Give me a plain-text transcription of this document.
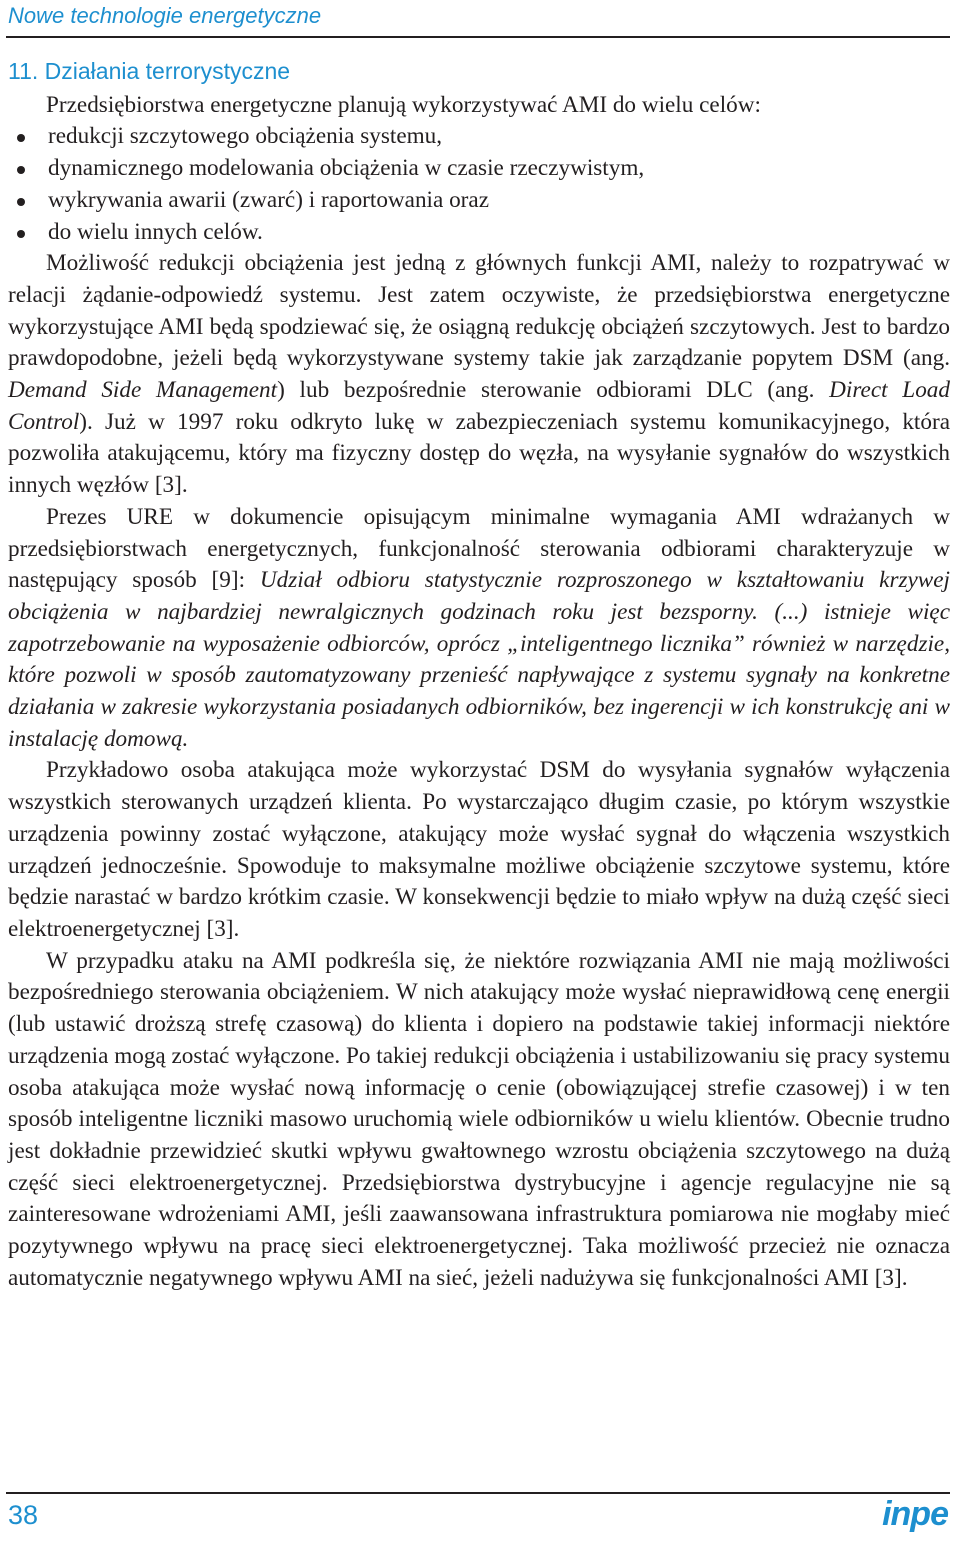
Nowe technologie energetyczne
11. Działania terrorystyczne

Przedsiębiorstwa energetyczne planują wykorzystywać AMI do wielu celów:

redukcji szczytowego obciążenia systemu,
dynamicznego modelowania obciążenia w czasie rzeczywistym,
wykrywania awarii (zwarć) i raportowania oraz
do wielu innych celów.

Możliwość redukcji obciążenia jest jedną z głównych funkcji AMI, należy to rozpatrywać w relacji żądanie-odpowiedź systemu. Jest zatem oczywiste, że przedsiębiorstwa energetyczne wykorzystujące AMI będą spodziewać się, że osiągną redukcję obciążeń szczytowych. Jest to bardzo prawdopodobne, jeżeli będą wykorzystywane systemy takie jak zarządzanie popytem DSM (ang. Demand Side Management) lub bezpośrednie sterowanie odbiorami DLC (ang. Direct Load Control). Już w 1997 roku odkryto lukę w zabezpieczeniach systemu komunikacyjnego, która pozwoliła atakującemu, który ma fizyczny dostęp do węzła, na wysyłanie sygnałów do wszystkich innych węzłów [3].

Prezes URE w dokumencie opisującym minimalne wymagania AMI wdrażanych w przedsiębiorstwach energetycznych, funkcjonalność sterowania odbiorami charakteryzuje w następujący sposób [9]: Udział odbioru statystycznie rozproszonego w kształtowaniu krzywej obciążenia w najbardziej newralgicznych godzinach roku jest bezsporny. (...) istnieje więc zapotrzebowanie na wyposażenie odbiorców, oprócz „inteligentnego licznika” również w narzędzie, które pozwoli w sposób zautomatyzowany przenieść napływające z systemu sygnały na konkretne działania w zakresie wykorzystania posiadanych odbiorników, bez ingerencji w ich konstrukcję ani w instalację domową.

Przykładowo osoba atakująca może wykorzystać DSM do wysyłania sygnałów wyłączenia wszystkich sterowanych urządzeń klienta. Po wystarczająco długim czasie, po którym wszystkie urządzenia powinny zostać wyłączone, atakujący może wysłać sygnał do włączenia wszystkich urządzeń jednocześnie. Spowoduje to maksymalne możliwe obciążenie szczytowe systemu, które będzie narastać w bardzo krótkim czasie. W konsekwencji będzie to miało wpływ na dużą część sieci elektroenergetycznej [3].

W przypadku ataku na AMI podkreśla się, że niektóre rozwiązania AMI nie mają możliwości bezpośredniego sterowania obciążeniem. W nich atakujący może wysłać nieprawidłową cenę energii (lub ustawić droższą strefę czasową) do klienta i dopiero na podstawie takiej informacji niektóre urządzenia mogą zostać wyłączone. Po takiej redukcji obciążenia i ustabilizowaniu się pracy systemu osoba atakująca może wysłać nową informację o cenie (obowiązującej strefie czasowej) i w ten sposób inteligentne liczniki masowo uruchomią wiele odbiorników u wielu klientów. Obecnie trudno jest dokładnie przewidzieć skutki wpływu gwałtownego wzrostu obciążenia szczytowego na dużą część sieci elektroenergetycznej. Przedsiębiorstwa dystrybucyjne i agencje regulacyjne nie są zainteresowane wdrożeniami AMI, jeśli zaawansowana infrastruktura pomiarowa nie mogłaby mieć pozytywnego wpływu na pracę sieci elektroenergetycznej. Taka możliwość przecież nie oznacza automatycznie negatywnego wpływu AMI na sieć, jeżeli nadużywa się funkcjonalności AMI [3].

38	inpe
